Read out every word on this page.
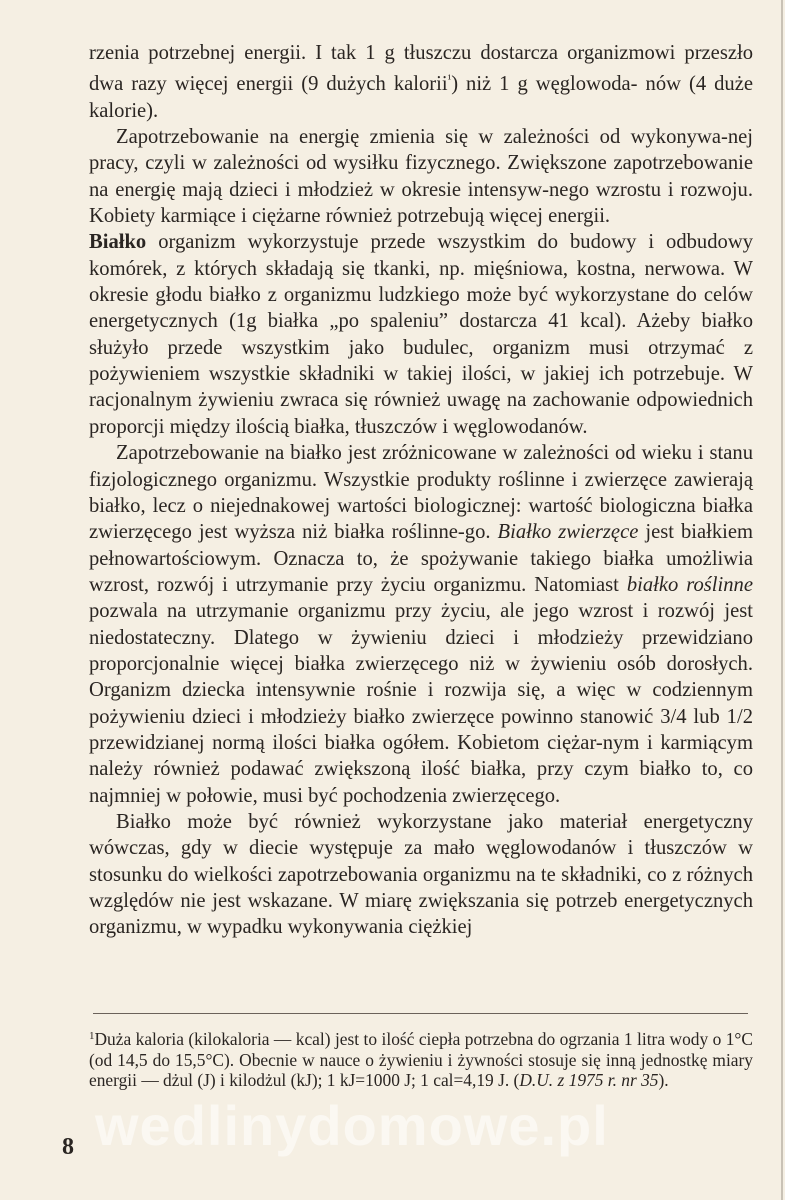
rzenia potrzebnej energii. I tak 1 g tłuszczu dostarcza organizmowi przeszło dwa razy więcej energii (9 dużych kalorii$^{^1}$) niż 1 g węglowoda- nów (4 duże kalorie).

Zapotrzebowanie na energię zmienia się w zależności od wykonywa-nej pracy, czyli w zależności od wysiłku fizycznego. Zwiększone zapotrzebowanie na energię mają dzieci i młodzież w okresie intensyw-nego wzrostu i rozwoju. Kobiety karmiące i ciężarne również potrzebują więcej energii.

Białko organizm wykorzystuje przede wszystkim do budowy i odbudowy komórek, z których składają się tkanki, np. mięśniowa, kostna, nerwowa. W okresie głodu białko z organizmu ludzkiego może być wykorzystane do celów energetycznych (1g białka „po spaleniu” dostarcza 41 kcal). Ażeby białko służyło przede wszystkim jako budulec, organizm musi otrzymać z pożywieniem wszystkie składniki w takiej ilości, w jakiej ich potrzebuje. W racjonalnym żywieniu zwraca się również uwagę na zachowanie odpowiednich proporcji między ilością białka, tłuszczów i węglowodanów.

Zapotrzebowanie na białko jest zróżnicowane w zależności od wieku i stanu fizjologicznego organizmu. Wszystkie produkty roślinne i zwierzęce zawierają białko, lecz o niejednakowej wartości biologicznej: wartość biologiczna białka zwierzęcego jest wyższa niż białka roślinne-go. Białko zwierzęce jest białkiem pełnowartościowym. Oznacza to, że spożywanie takiego białka umożliwia wzrost, rozwój i utrzymanie przy życiu organizmu. Natomiast białko roślinne pozwala na utrzymanie organizmu przy życiu, ale jego wzrost i rozwój jest niedostateczny. Dlatego w żywieniu dzieci i młodzieży przewidziano proporcjonalnie więcej białka zwierzęcego niż w żywieniu osób dorosłych. Organizm dziecka intensywnie rośnie i rozwija się, a więc w codziennym pożywieniu dzieci i młodzieży białko zwierzęce powinno stanowić 3/4 lub 1/2 przewidzianej normą ilości białka ogółem. Kobietom ciężar-nym i karmiącym należy również podawać zwiększoną ilość białka, przy czym białko to, co najmniej w połowie, musi być pochodzenia zwierzęcego.

Białko może być również wykorzystane jako materiał energetyczny wówczas, gdy w diecie występuje za mało węglowodanów i tłuszczów w stosunku do wielkości zapotrzebowania organizmu na te składniki, co z różnych względów nie jest wskazane. W miarę zwiększania się potrzeb energetycznych organizmu, w wypadku wykonywania ciężkiej

$^1$Duża kaloria (kilokaloria — kcal) jest to ilość ciepła potrzebna do ogrzania 1 litra wody o 1°C (od 14,5 do 15,5°C). Obecnie w nauce o żywieniu i żywności stosuje się inną jednostkę miary energii — dżul (J) i kilodżul (kJ); 1 kJ=1000 J; 1 cal=4,19 J. (D.U. z 1975 r. nr 35).

wedlinydomowe.pl
8
